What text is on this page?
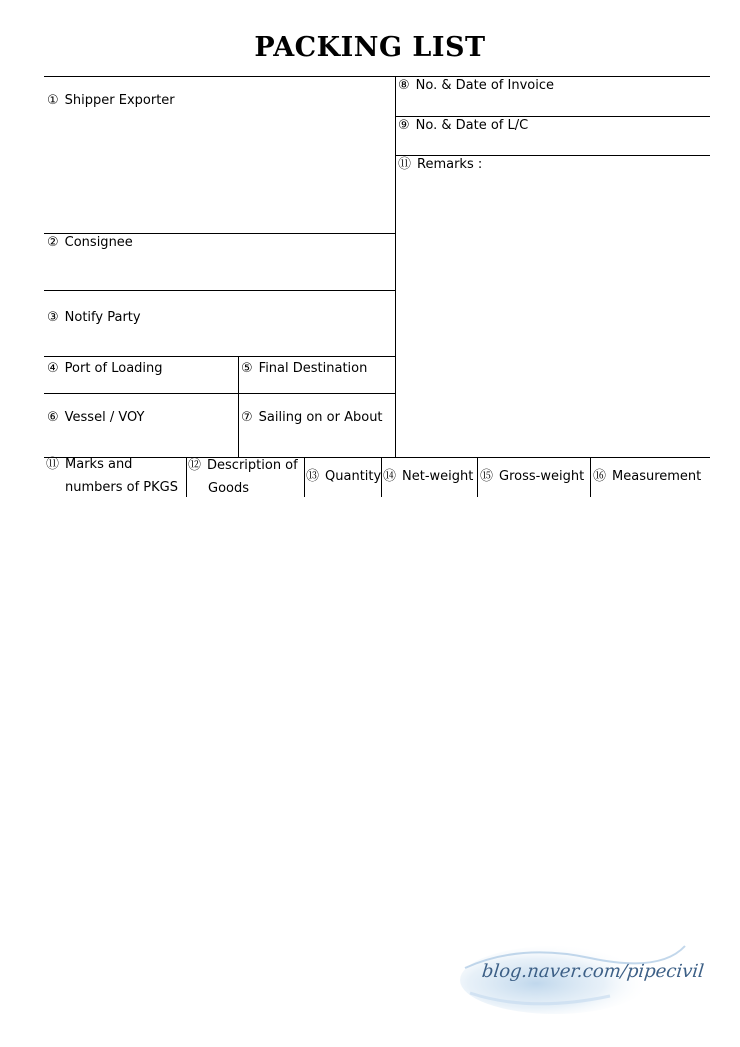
PACKING LIST
① Shipper Exporter
⑧ No. & Date of Invoice
⑨ No. & Date of L/C
⑪ Remarks :
② Consignee
③ Notify Party
④ Port of Loading	⑤ Final Destination
⑥ Vessel / VOY	⑦ Sailing on or About
⑪ Marks and
numbers of PKGS
⑫ Description of
Goods
⑬ Quantity ⑭ Net-weight ⑮ Gross-weight ⑯ Measurement
blog.naver.com/pipecivil
